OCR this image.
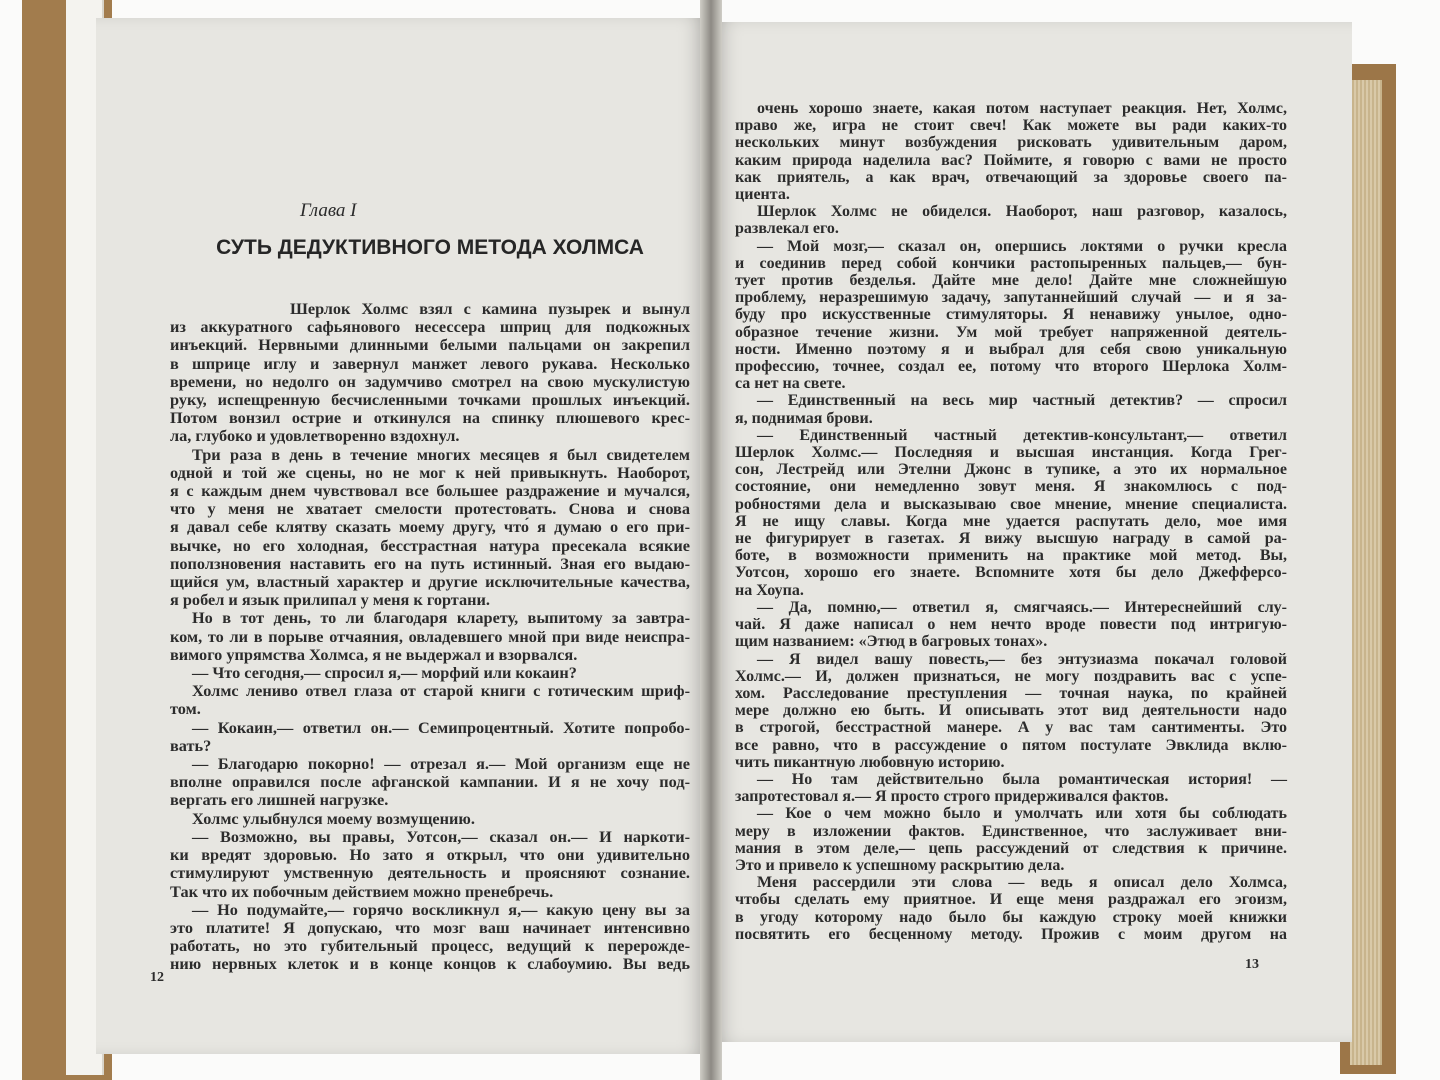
Глава I
СУТЬ ДЕДУКТИВНОГО МЕТОДА ХОЛМСА
Шерлок Холмс взял с камина пузырек и вынул
из аккуратного сафьянового несессера шприц для подкожных
инъекций. Нервными длинными белыми пальцами он закрепил
в шприце иглу и завернул манжет левого рукава. Несколько
времени, но недолго он задумчиво смотрел на свою мускулистую
руку, испещренную бесчисленными точками прошлых инъекций.
Потом вонзил острие и откинулся на спинку плюшевого крес-
ла, глубоко и удовлетворенно вздохнул.
Три раза в день в течение многих месяцев я был свидетелем
одной и той же сцены, но не мог к ней привыкнуть. Наоборот,
я с каждым днем чувствовал все большее раздражение и мучался,
что у меня не хватает смелости протестовать. Снова и снова
я давал себе клятву сказать моему другу, что́ я думаю о его при-
вычке, но его холодная, бесстрастная натура пресекала всякие
поползновения наставить его на путь истинный. Зная его выдаю-
щийся ум, властный характер и другие исключительные качества,
я робел и язык прилипал у меня к гортани.
Но в тот день, то ли благодаря кларету, выпитому за завтра-
ком, то ли в порыве отчаяния, овладевшего мной при виде неиспра-
вимого упрямства Холмса, я не выдержал и взорвался.
— Что сегодня,— спросил я,— морфий или кокаин?
Холмс лениво отвел глаза от старой книги с готическим шриф-
том.
— Кокаин,— ответил он.— Семипроцентный. Хотите попробо-
вать?
— Благодарю покорно! — отрезал я.— Мой организм еще не
вполне оправился после афганской кампании. И я не хочу под-
вергать его лишней нагрузке.
Холмс улыбнулся моему возмущению.
— Возможно, вы правы, Уотсон,— сказал он.— И наркоти-
ки вредят здоровью. Но зато я открыл, что они удивительно
стимулируют умственную деятельность и проясняют сознание.
Так что их побочным действием можно пренебречь.
— Но подумайте,— горячо воскликнул я,— какую цену вы за
это платите! Я допускаю, что мозг ваш начинает интенсивно
работать, но это губительный процесс, ведущий к перерожде-
нию нервных клеток и в конце концов к слабоумию. Вы ведь
очень хорошо знаете, какая потом наступает реакция. Нет, Холмс,
право же, игра не стоит свеч! Как можете вы ради каких-то
нескольких минут возбуждения рисковать удивительным даром,
каким природа наделила вас? Поймите, я говорю с вами не просто
как приятель, а как врач, отвечающий за здоровье своего па-
циента.
Шерлок Холмс не обиделся. Наоборот, наш разговор, казалось,
развлекал его.
— Мой мозг,— сказал он, опершись локтями о ручки кресла
и соединив перед собой кончики растопыренных пальцев,— бун-
тует против безделья. Дайте мне дело! Дайте мне сложнейшую
проблему, неразрешимую задачу, запутаннейший случай — и я за-
буду про искусственные стимуляторы. Я ненавижу унылое, одно-
образное течение жизни. Ум мой требует напряженной деятель-
ности. Именно поэтому я и выбрал для себя свою уникальную
профессию, точнее, создал ее, потому что второго Шерлока Холм-
са нет на свете.
— Единственный на весь мир частный детектив? — спросил
я, поднимая брови.
— Единственный частный детектив-консультант,— ответил
Шерлок Холмс.— Последняя и высшая инстанция. Когда Грег-
сон, Лестрейд или Этелни Джонс в тупике, а это их нормальное
состояние, они немедленно зовут меня. Я знакомлюсь с под-
робностями дела и высказываю свое мнение, мнение специалиста.
Я не ищу славы. Когда мне удается распутать дело, мое имя
не фигурирует в газетах. Я вижу высшую награду в самой ра-
боте, в возможности применить на практике мой метод. Вы,
Уотсон, хорошо его знаете. Вспомните хотя бы дело Джефферсо-
на Хоупа.
— Да, помню,— ответил я, смягчаясь.— Интереснейший слу-
чай. Я даже написал о нем нечто вроде повести под интригую-
щим названием: «Этюд в багровых тонах».
— Я видел вашу повесть,— без энтузиазма покачал головой
Холмс.— И, должен признаться, не могу поздравить вас с успе-
хом. Расследование преступления — точная наука, по крайней
мере должно ею быть. И описывать этот вид деятельности надо
в строгой, бесстрастной манере. А у вас там сантименты. Это
все равно, что в рассуждение о пятом постулате Эвклида вклю-
чить пикантную любовную историю.
— Но там действительно была романтическая история! —
запротестовал я.— Я просто строго придерживался фактов.
— Кое о чем можно было и умолчать или хотя бы соблюдать
меру в изложении фактов. Единственное, что заслуживает вни-
мания в этом деле,— цепь рассуждений от следствия к причине.
Это и привело к успешному раскрытию дела.
Меня рассердили эти слова — ведь я описал дело Холмса,
чтобы сделать ему приятное. И еще меня раздражал его эгоизм,
в угоду которому надо было бы каждую строку моей книжки
посвятить его бесценному методу. Прожив с моим другом на
12
13
